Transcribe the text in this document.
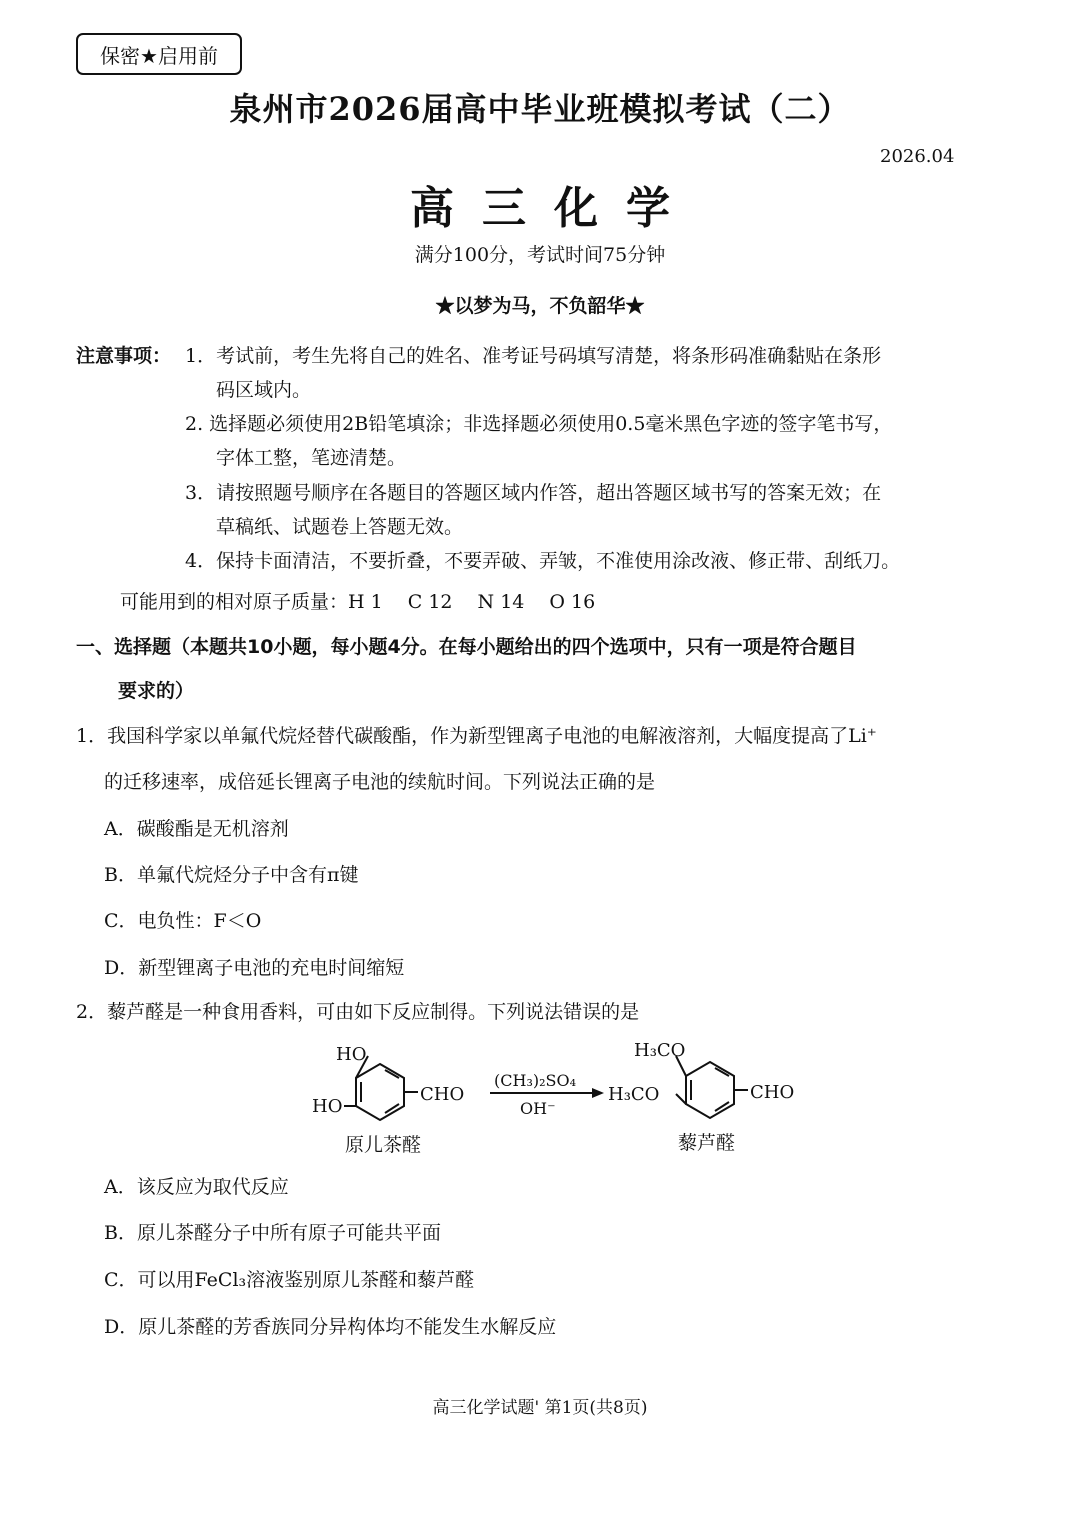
保密★启用前
泉州市2026届高中毕业班模拟考试（二）
2026.04
高三化学
满分100分，考试时间75分钟
★以梦为马，不负韶华★
注意事项： 1．考试前，考生先将自己的姓名、准考证号码填写清楚，将条形码准确黏贴在条形
码区域内。
2. 选择题必须使用2B铅笔填涂；非选择题必须使用0.5毫米黑色字迹的签字笔书写，
字体工整，笔迹清楚。
3．请按照题号顺序在各题目的答题区域内作答，超出答题区域书写的答案无效；在
草稿纸、试题卷上答题无效。
4．保持卡面清洁，不要折叠，不要弄破、弄皱，不准使用涂改液、修正带、刮纸刀。
可能用到的相对原子质量：H 1　 C 12　 N 14　 O 16
一、选择题（本题共10小题，每小题4分。在每小题给出的四个选项中，只有一项是符合题目
要求的）
1．我国科学家以单氟代烷烃替代碳酸酯，作为新型锂离子电池的电解液溶剂，大幅度提高了Li⁺
的迁移速率，成倍延长锂离子电池的续航时间。下列说法正确的是
A．碳酸酯是无机溶剂
B．单氟代烷烃分子中含有π键
C．电负性：F＜O
D．新型锂离子电池的充电时间缩短
2．藜芦醛是一种食用香料，可由如下反应制得。下列说法错误的是
HO
HO
CHO
原儿茶醛
(CH₃)₂SO₄
OH⁻
H₃CO
H₃CO	CHO
藜芦醛
A．该反应为取代反应
B．原儿茶醛分子中所有原子可能共平面
C．可以用FeCl₃溶液鉴别原儿茶醛和藜芦醛
D．原儿茶醛的芳香族同分异构体均不能发生水解反应
高三化学试题' 第1页(共8页)
